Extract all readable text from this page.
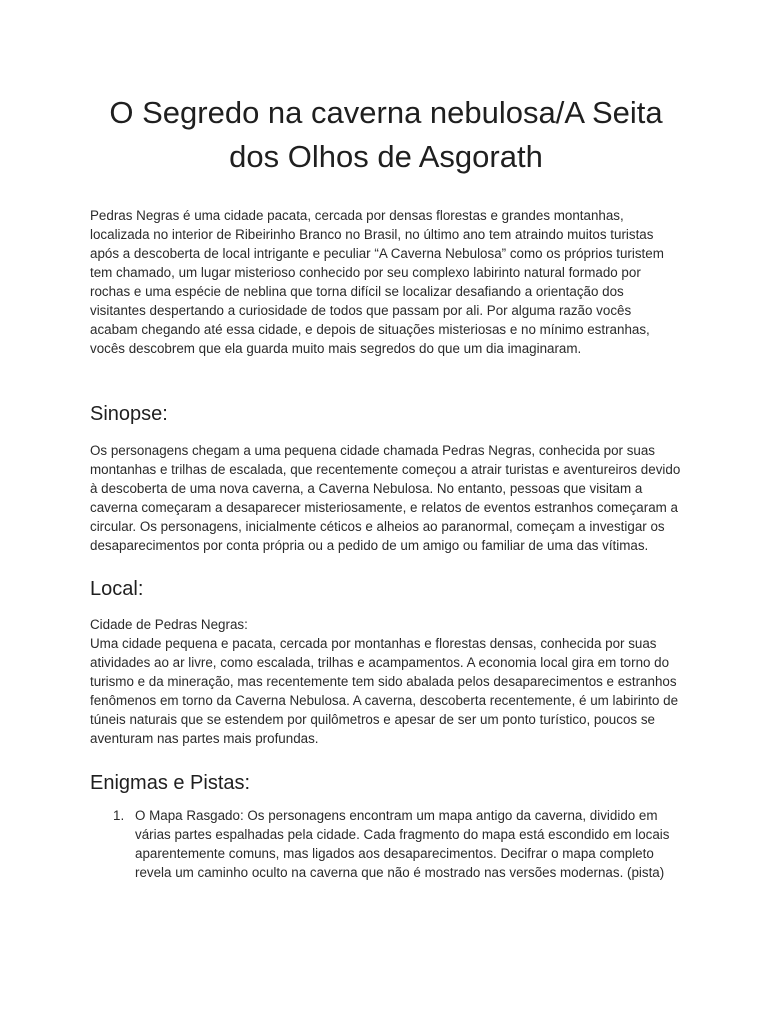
O Segredo na caverna nebulosa/A Seita dos Olhos de Asgorath

Pedras Negras é uma cidade pacata, cercada por densas florestas e grandes montanhas, localizada no interior de Ribeirinho Branco no Brasil, no último ano tem atraindo muitos turistas após a descoberta de local intrigante e peculiar “A Caverna Nebulosa” como os próprios turistem tem chamado, um lugar misterioso conhecido por seu complexo labirinto natural formado por rochas e uma espécie de neblina que torna difícil se localizar desafiando a orientação dos visitantes despertando a curiosidade de todos que passam por ali. Por alguma razão vocês acabam chegando até essa cidade, e depois de situações misteriosas e no mínimo estranhas, vocês descobrem que ela guarda muito mais segredos do que um dia imaginaram.

Sinopse:

Os personagens chegam a uma pequena cidade chamada Pedras Negras, conhecida por suas montanhas e trilhas de escalada, que recentemente começou a atrair turistas e aventureiros devido à descoberta de uma nova caverna, a Caverna Nebulosa. No entanto, pessoas que visitam a caverna começaram a desaparecer misteriosamente, e relatos de eventos estranhos começaram a circular. Os personagens, inicialmente céticos e alheios ao paranormal, começam a investigar os desaparecimentos por conta própria ou a pedido de um amigo ou familiar de uma das vítimas.

Local:
Cidade de Pedras Negras:
Uma cidade pequena e pacata, cercada por montanhas e florestas densas, conhecida por suas atividades ao ar livre, como escalada, trilhas e acampamentos. A economia local gira em torno do turismo e da mineração, mas recentemente tem sido abalada pelos desaparecimentos e estranhos fenômenos em torno da Caverna Nebulosa. A caverna, descoberta recentemente, é um labirinto de túneis naturais que se estendem por quilômetros e apesar de ser um ponto turístico, poucos se aventuram nas partes mais profundas.
Enigmas e Pistas:
1. O Mapa Rasgado: Os personagens encontram um mapa antigo da caverna, dividido em várias partes espalhadas pela cidade. Cada fragmento do mapa está escondido em locais aparentemente comuns, mas ligados aos desaparecimentos. Decifrar o mapa completo revela um caminho oculto na caverna que não é mostrado nas versões modernas. (pista)
